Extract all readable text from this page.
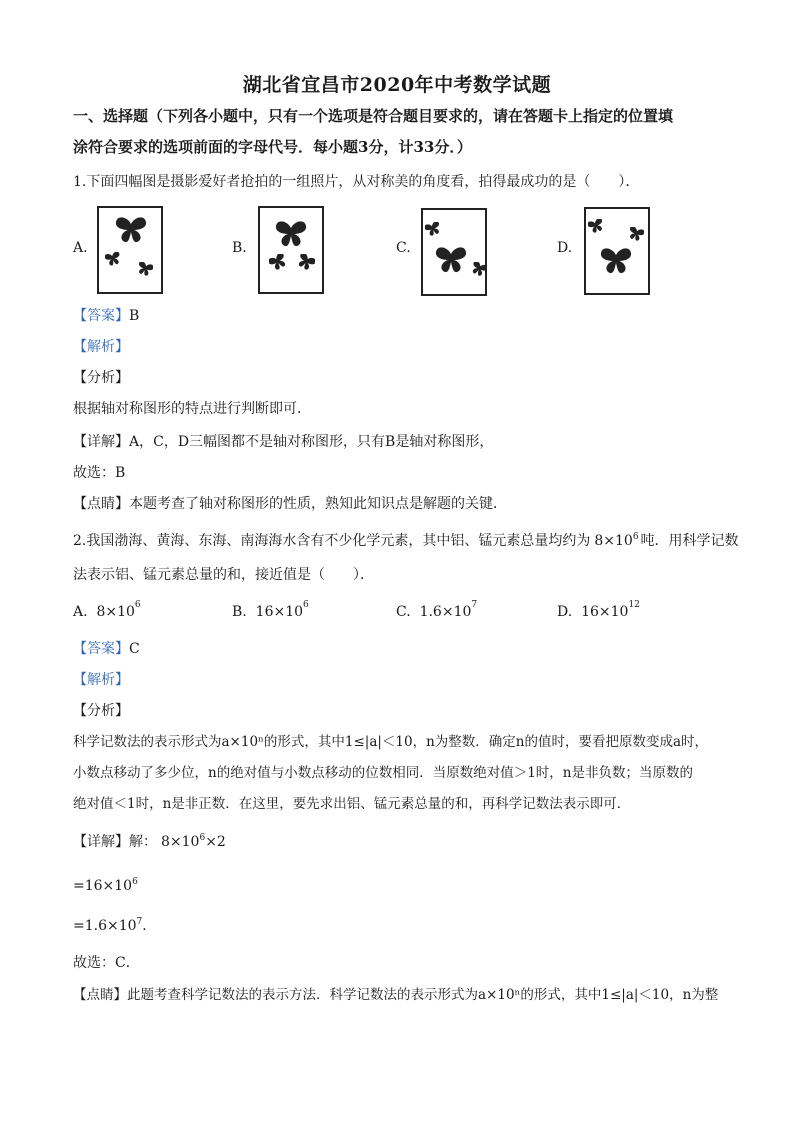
湖北省宜昌市2020年中考数学试题
一、选择题（下列各小题中，只有一个选项是符合题目要求的，请在答题卡上指定的位置填
涂符合要求的选项前面的字母代号．每小题3分，计33分．）
1.下面四幅图是摄影爱好者抢拍的一组照片，从对称美的角度看，拍得最成功的是（　　）．
A.	B.	C.	D.
【答案】B
【解析】
【分析】
根据轴对称图形的特点进行判断即可．
【详解】A，C，D三幅图都不是轴对称图形，只有B是轴对称图形，
故选：B
【点睛】本题考查了轴对称图形的性质，熟知此知识点是解题的关键．
2.我国渤海、黄海、东海、南海海水含有不少化学元素，其中铝、锰元素总量均约为 $8\times 10^6$ 吨．用科学记数
法表示铝、锰元素总量的和，接近值是（　　）．
A. $8\times 10^6$	B. $16\times 10^6$	C. $1.6\times 10^7$	D. $16\times 10^{12}$
【答案】C
【解析】
【分析】
科学记数法的表示形式为a×10ⁿ的形式，其中1≤|a|＜10，n为整数．确定n的值时，要看把原数变成a时，
小数点移动了多少位，n的绝对值与小数点移动的位数相同．当原数绝对值＞1时，n是非负数；当原数的
绝对值＜1时，n是非正数．在这里，要先求出铝、锰元素总量的和，再科学记数法表示即可．
【详解】解： $8\times 10^6\times 2$
$=16\times 10^6$
$=1.6\times 10^7$．
故选：C．
【点睛】此题考查科学记数法的表示方法．科学记数法的表示形式为a×10ⁿ的形式，其中1≤|a|＜10，n为整
